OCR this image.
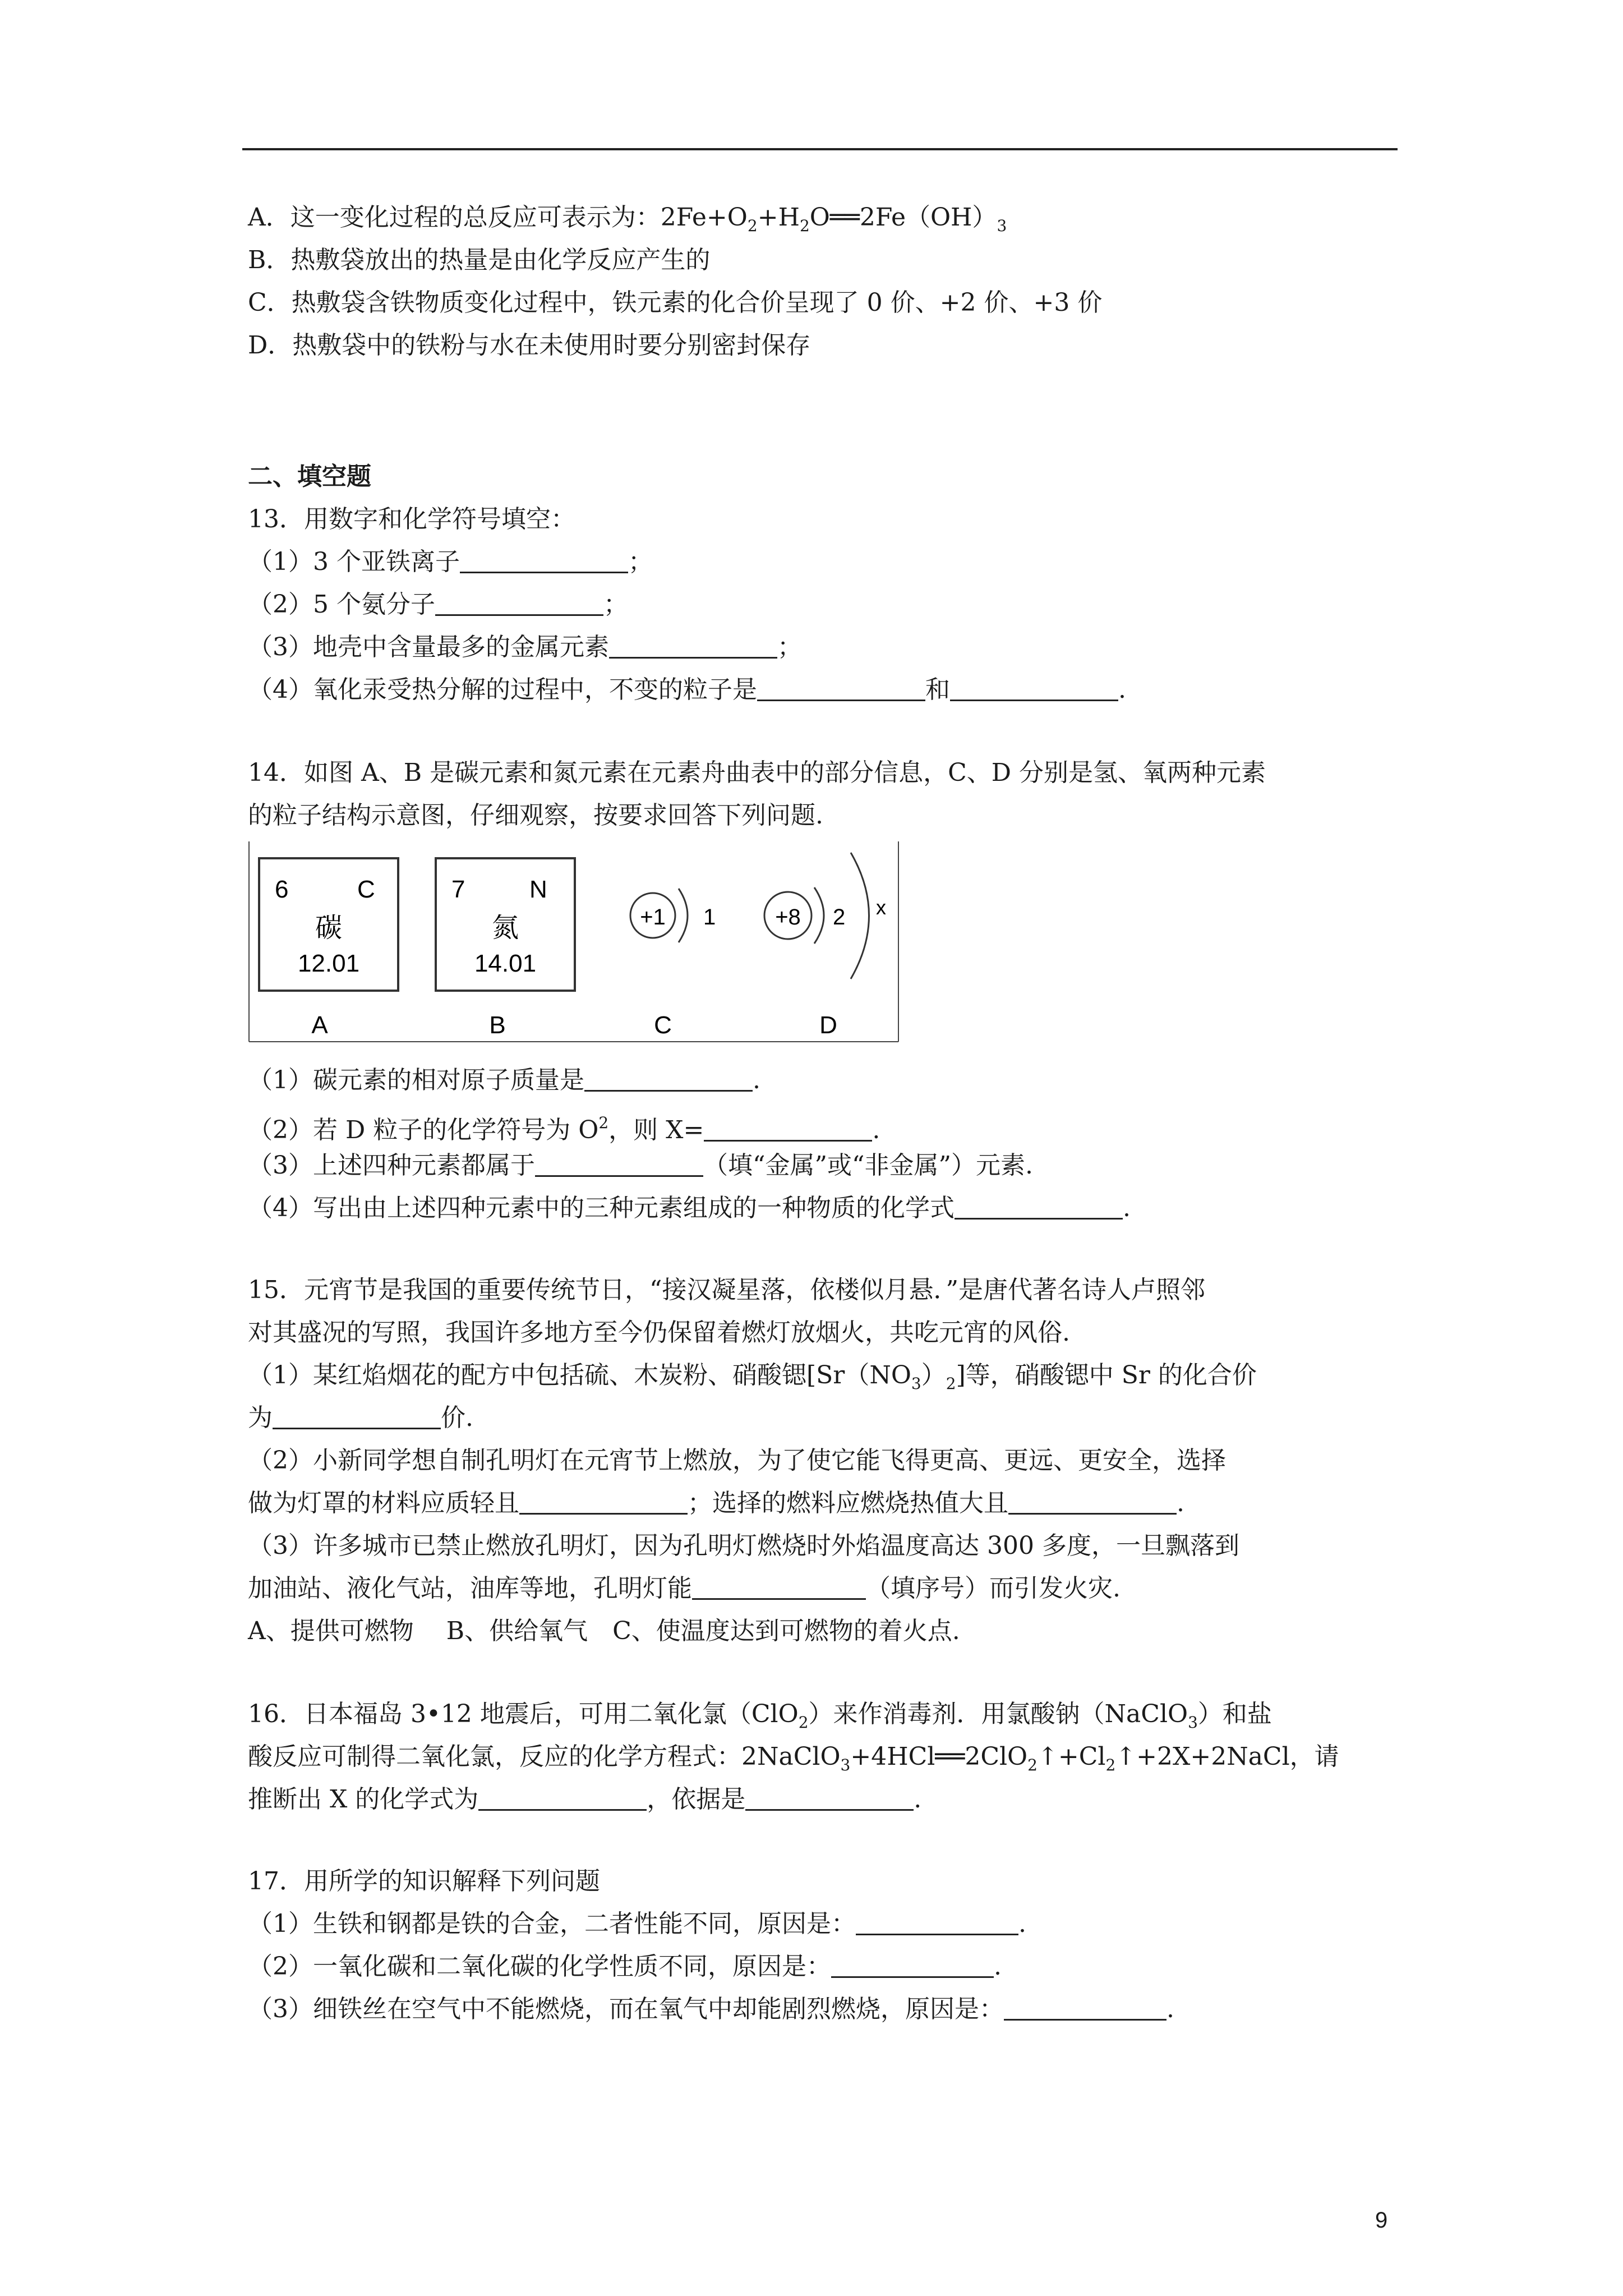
A．这一变化过程的总反应可表示为：$2Fe+O_2+H_2O══2Fe(OH)_3$
B．热敷袋放出的热量是由化学反应产生的
C．热敷袋含铁物质变化过程中，铁元素的化合价呈现了 0 价、+2 价、+3 价
D．热敷袋中的铁粉与水在未使用时要分别密封保存
二、填空题
13．用数字和化学符号填空：
（1）3 个亚铁离子	；
（2）5 个氨分子	；
（3）地壳中含量最多的金属元素	；
（4）氧化汞受热分解的过程中，不变的粒子是	和	.
14．如图 A、B 是碳元素和氮元素在元素舟曲表中的部分信息，C、D 分别是氢、氧两种元素
的粒子结构示意图，仔细观察，按要求回答下列问题.
6	C
碳
12.01
A
7	N
氮
14.01
B
+1 1
C
+8 2 x
D
（1）碳元素的相对原子质量是	.
（2）若 D 粒子的化学符号为 $O^2$，则 X=	.
（3）上述四种元素都属于	（填“金属”或“非金属”）元素.
（4）写出由上述四种元素中的三种元素组成的一种物质的化学式	.
15．元宵节是我国的重要传统节日，“接汉凝星落，依楼似月悬．”是唐代著名诗人卢照邻
对其盛况的写照，我国许多地方至今仍保留着燃灯放烟火，共吃元宵的风俗.
（1）某红焰烟花的配方中包括硫、木炭粉、硝酸锶$[Sr(NO_3)_2]$等，硝酸锶中 Sr 的化合价
为	价.
（2）小新同学想自制孔明灯在元宵节上燃放，为了使它能飞得更高、更远、更安全，选择
做为灯罩的材料应质轻且	；选择的燃料应燃烧热值大且	.
（3）许多城市已禁止燃放孔明灯，因为孔明灯燃烧时外焰温度高达 300 多度，一旦飘落到
加油站、液化气站，油库等地，孔明灯能	（填序号）而引发火灾.
A、提供可燃物　 B、供给氧气　C、使温度达到可燃物的着火点.
16．日本福岛 3•12 地震后，可用二氧化氯（ClO$_2$）来作消毒剂．用氯酸钠（NaClO$_3$）和盐
酸反应可制得二氧化氯，反应的化学方程式：$2NaClO_3+4HCl══2ClO_2↑+Cl_2↑+2X+2NaCl$，请
推断出 X 的化学式为	，依据是	.
17．用所学的知识解释下列问题
（1）生铁和钢都是铁的合金，二者性能不同，原因是：	.
（2）一氧化碳和二氧化碳的化学性质不同，原因是：	.
（3）细铁丝在空气中不能燃烧，而在氧气中却能剧烈燃烧，原因是：	.
9
